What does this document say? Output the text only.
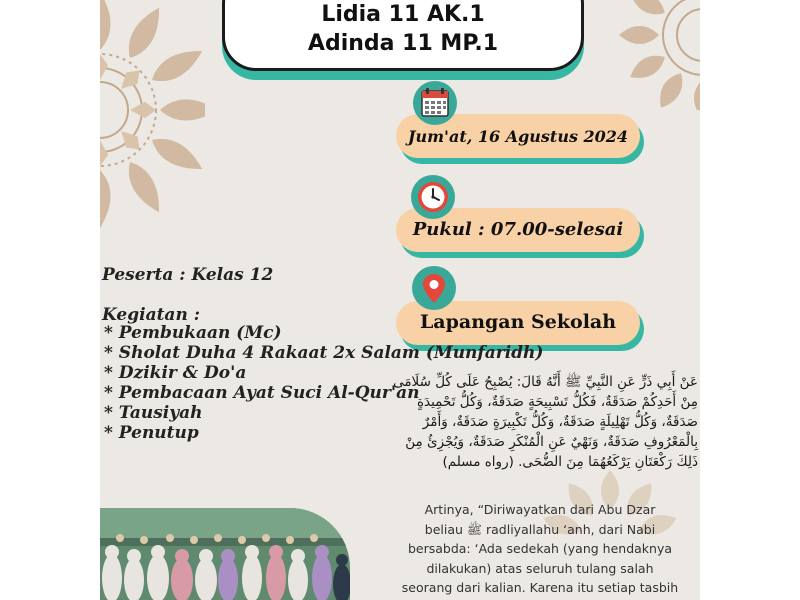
Lidia 11 AK.1
Adinda 11 MP.1
Jum'at, 16 Agustus 2024
Pukul : 07.00-selesai
Lapangan Sekolah
Peserta : Kelas 12
Kegiatan :
* Pembukaan (Mc)
* Sholat Duha 4 Rakaat 2x Salam (Munfaridh)
* Dzikir & Do'a
* Pembacaan Ayat Suci Al-Qur'an
* Tausiyah
* Penutup
عَنْ أَبِي ذَرٍّ عَنِ النَّبِيِّ ﷺ أَنَّهُ قَالَ: يُصْبِحُ عَلَى كُلِّ سُلَامَى مِنْ أَحَدِكُمْ صَدَقَةٌ، فَكُلُّ تَسْبِيحَةٍ صَدَقَةٌ، وَكُلُّ تَحْمِيدَةٍ صَدَقَةٌ، وَكُلُّ تَهْلِيلَةٍ صَدَقَةٌ، وَكُلُّ تَكْبِيرَةٍ صَدَقَةٌ، وَأَمْرٌ بِالْمَعْرُوفِ صَدَقَةٌ، وَنَهْيٌ عَنِ الْمُنْكَرِ صَدَقَةٌ، وَيُجْزِئُ مِنْ ذَلِكَ رَكْعَتَانِ يَرْكَعُهُمَا مِنَ الضُّحَى. (رواه مسلم)
Artinya, “Diriwayatkan dari Abu Dzar
beliau ﷺ radliyallahu ‘anh, dari Nabi
bersabda: ‘Ada sedekah (yang hendaknya
dilakukan) atas seluruh tulang salah
seorang dari kalian. Karena itu setiap tasbih
